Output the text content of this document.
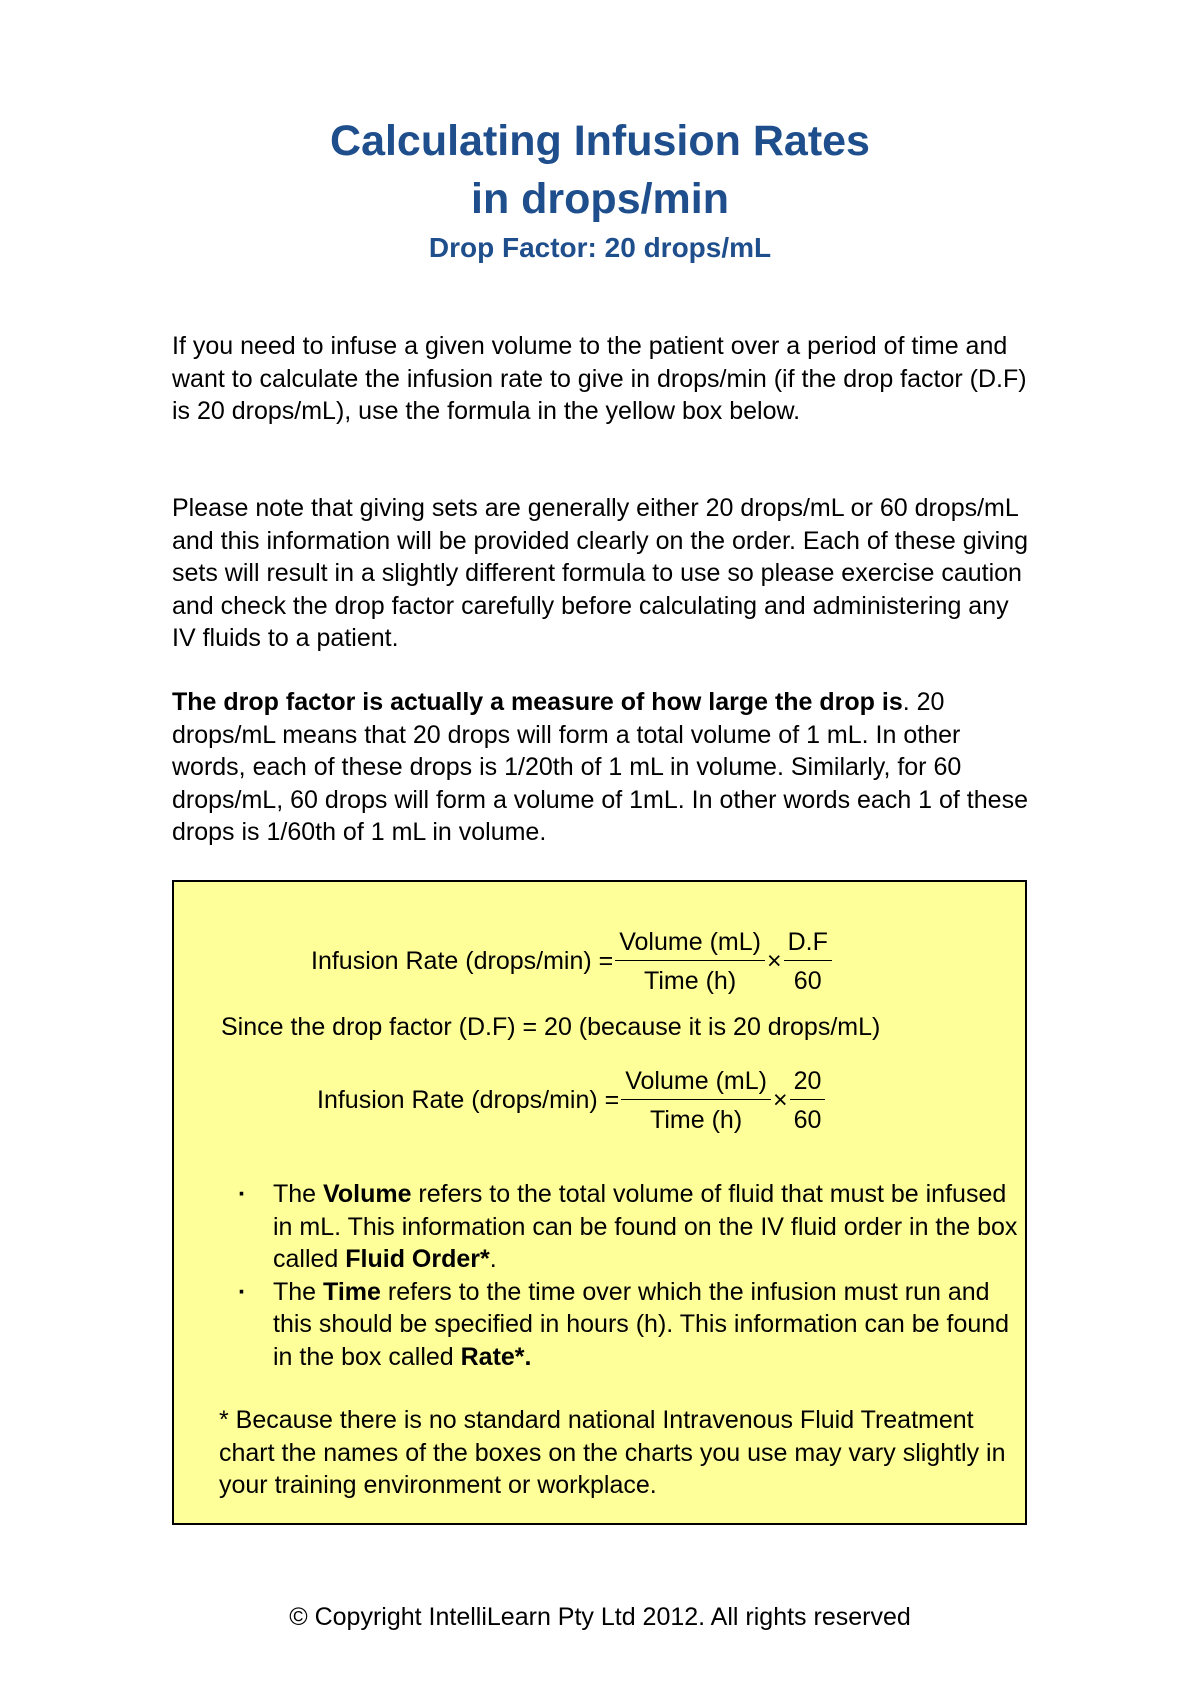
Calculating Infusion Rates

in drops/min

Drop Factor: 20 drops/mL

If you need to infuse a given volume to the patient over a period of time and want to calculate the infusion rate to give in drops/min (if the drop factor (D.F) is 20 drops/mL), use the formula in the yellow box below.

Please note that giving sets are generally either 20 drops/mL or 60 drops/mL and this information will be provided clearly on the order. Each of these giving sets will result in a slightly different formula to use so please exercise caution and check the drop factor carefully before calculating and administering any IV fluids to a patient.

The drop factor is actually a measure of how large the drop is. 20 drops/mL means that 20 drops will form a total volume of 1 mL. In other words, each of these drops is 1/20th of 1 mL in volume. Similarly, for 60 drops/mL, 60 drops will form a volume of 1mL. In other words each 1 of these drops is 1/60th of 1 mL in volume.

Infusion Rate (drops/min) = $\frac{\text{Volume (mL)}}{\text{Time (h)}} \times \frac{D.F}{60}$
Since the drop factor (D.F) = 20 (because it is 20 drops/mL)
Infusion Rate (drops/min) = $\frac{\text{Volume (mL)}}{\text{Time (h)}} \times \frac{20}{60}$
· The Volume refers to the total volume of fluid that must be infused in mL. This information can be found on the IV fluid order in the box called Fluid Order*.
· The Time refers to the time over which the infusion must run and this should be specified in hours (h). This information can be found in the box called Rate*.

* Because there is no standard national Intravenous Fluid Treatment chart the names of the boxes on the charts you use may vary slightly in your training environment or workplace.

© Copyright IntelliLearn Pty Ltd 2012. All rights reserved
